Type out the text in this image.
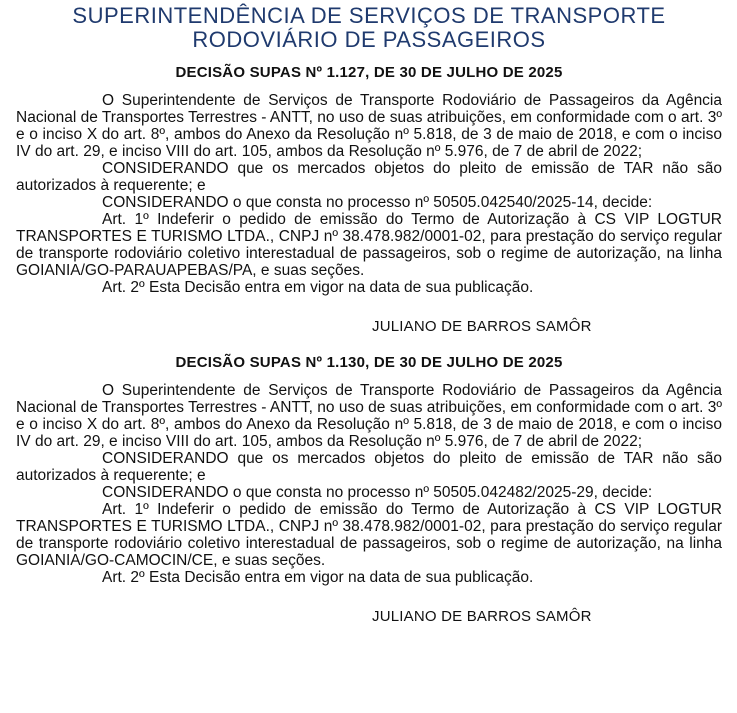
SUPERINTENDÊNCIA DE SERVIÇOS DE TRANSPORTE RODOVIÁRIO DE PASSAGEIROS
DECISÃO SUPAS Nº 1.127, DE 30 DE JULHO DE 2025

O Superintendente de Serviços de Transporte Rodoviário de Passageiros da Agência Nacional de Transportes Terrestres - ANTT, no uso de suas atribuições, em conformidade com o art. 3º e o inciso X do art. 8º, ambos do Anexo da Resolução nº 5.818, de 3 de maio de 2018, e com o inciso IV do art. 29, e inciso VIII do art. 105, ambos da Resolução nº 5.976, de 7 de abril de 2022;

CONSIDERANDO que os mercados objetos do pleito de emissão de TAR não são autorizados à requerente; e

CONSIDERANDO o que consta no processo nº 50505.042540/2025-14, decide:

Art. 1º Indeferir o pedido de emissão do Termo de Autorização à CS VIP LOGTUR TRANSPORTES E TURISMO LTDA., CNPJ nº 38.478.982/0001-02, para prestação do serviço regular de transporte rodoviário coletivo interestadual de passageiros, sob o regime de autorização, na linha GOIANIA/GO-PARAUAPEBAS/PA, e suas seções.

Art. 2º Esta Decisão entra em vigor na data de sua publicação.

JULIANO DE BARROS SAMÔR
DECISÃO SUPAS Nº 1.130, DE 30 DE JULHO DE 2025

O Superintendente de Serviços de Transporte Rodoviário de Passageiros da Agência Nacional de Transportes Terrestres - ANTT, no uso de suas atribuições, em conformidade com o art. 3º e o inciso X do art. 8º, ambos do Anexo da Resolução nº 5.818, de 3 de maio de 2018, e com o inciso IV do art. 29, e inciso VIII do art. 105, ambos da Resolução nº 5.976, de 7 de abril de 2022;

CONSIDERANDO que os mercados objetos do pleito de emissão de TAR não são autorizados à requerente; e

CONSIDERANDO o que consta no processo nº 50505.042482/2025-29, decide:

Art. 1º Indeferir o pedido de emissão do Termo de Autorização à CS VIP LOGTUR TRANSPORTES E TURISMO LTDA., CNPJ nº 38.478.982/0001-02, para prestação do serviço regular de transporte rodoviário coletivo interestadual de passageiros, sob o regime de autorização, na linha GOIANIA/GO-CAMOCIN/CE, e suas seções.

Art. 2º Esta Decisão entra em vigor na data de sua publicação.

JULIANO DE BARROS SAMÔR
